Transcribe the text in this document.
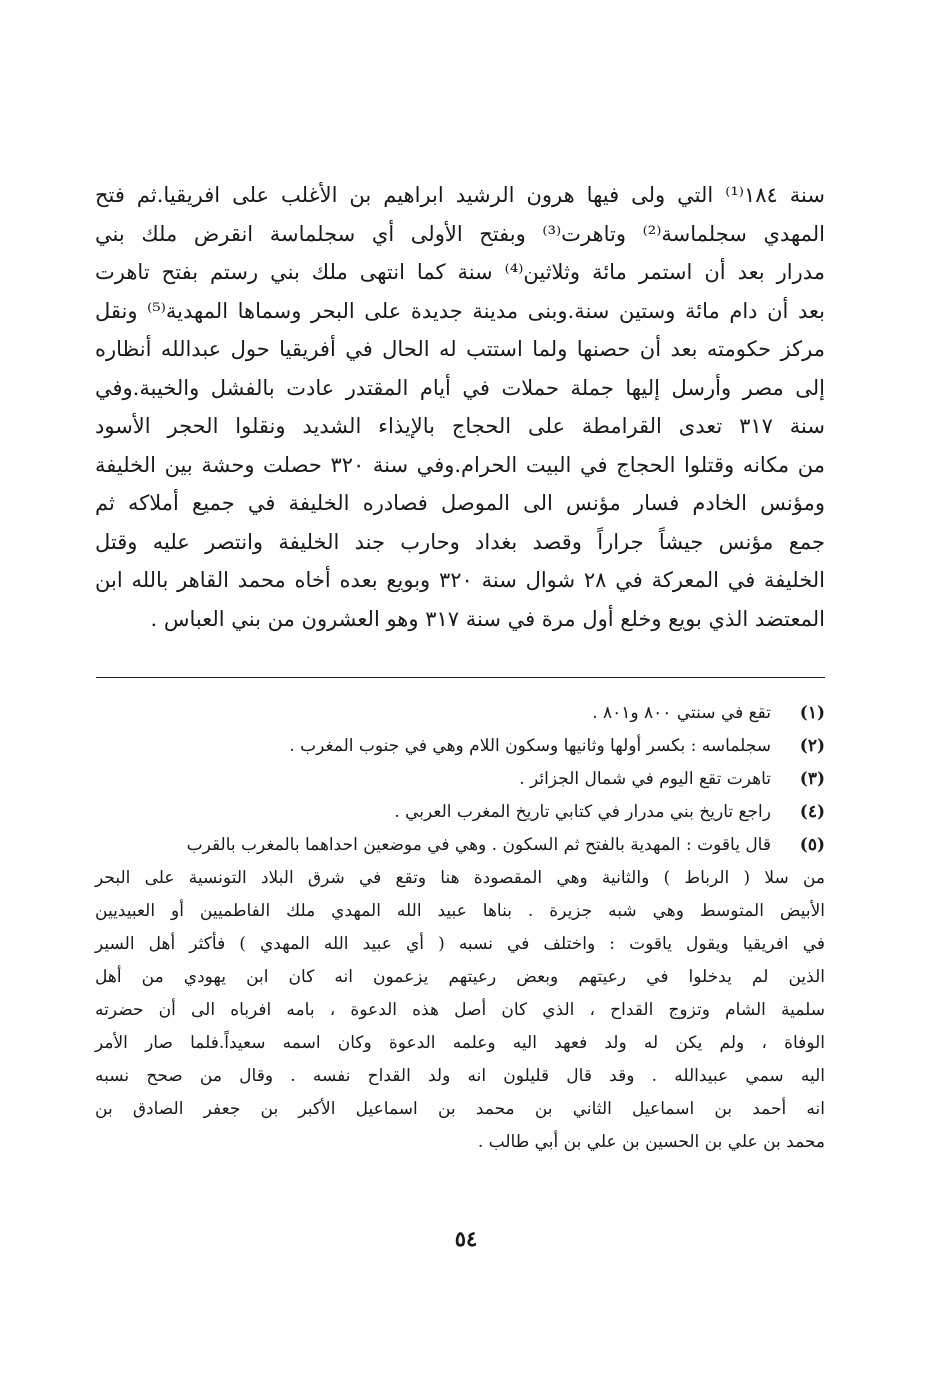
سنة ١٨٤⁽¹⁾ التي ولى فيها هرون الرشيد ابراهيم بن الأغلب على افريقيا.ثم فتح
المهدي سجلماسة⁽²⁾ وتاهرت⁽³⁾ وبفتح الأولى أي سجلماسة انقرض ملك بني
مدرار بعد أن استمر مائة وثلاثين⁽⁴⁾ سنة كما انتهى ملك بني رستم بفتح تاهرت
بعد أن دام مائة وستين سنة.وبنى مدينة جديدة على البحر وسماها المهدية⁽⁵⁾ ونقل
مركز حكومته بعد أن حصنها ولما استتب له الحال في أفريقيا حول عبدالله أنظاره
إلى مصر وأرسل إليها جملة حملات في أيام المقتدر عادت بالفشل والخيبة.وفي
سنة ٣١٧ تعدى القرامطة على الحجاج بالإيذاء الشديد ونقلوا الحجر الأسود
من مكانه وقتلوا الحجاج في البيت الحرام.وفي سنة ٣٢٠ حصلت وحشة بين الخليفة
ومؤنس الخادم فسار مؤنس الى الموصل فصادره الخليفة في جميع أملاكه ثم
جمع مؤنس جيشاً جراراً وقصد بغداد وحارب جند الخليفة وانتصر عليه وقتل
الخليفة في المعركة في ٢٨ شوال سنة ٣٢٠ وبويع بعده أخاه محمد القاهر بالله ابن
المعتضد الذي بويع وخلع أول مرة في سنة ٣١٧ وهو العشرون من بني العباس .
(١)
تقع في سنتي ٨٠٠ و٨٠١ .
(٢)
سجلماسه : بكسر أولها وثانيها وسكون اللام وهي في جنوب المغرب .
(٣)
تاهرت تقع اليوم في شمال الجزائر .
(٤)
راجع تاريخ بني مدرار في كتابي تاريخ المغرب العربي .
(٥)
قال ياقوت : المهدية بالفتح ثم السكون . وهي في موضعين احداهما بالمغرب بالقرب
من سلا ( الرباط ) والثانية وهي المقصودة هنا وتقع في شرق البلاد التونسية على البحر
الأبيض المتوسط وهي شبه جزيرة . بناها عبيد الله المهدي ملك الفاطميين أو العبيديين
في افريقيا ويقول ياقوت : واختلف في نسبه ( أي عبيد الله المهدي ) فأكثر أهل السير
الذين لم يدخلوا في رعيتهم وبعض رعيتهم يزعمون انه كان ابن يهودي من أهل
سلمية الشام وتزوج القداح ، الذي كان أصل هذه الدعوة ، بامه افرباه الى أن حضرته
الوفاة ، ولم يكن له ولد فعهد اليه وعلمه الدعوة وكان اسمه سعيداً.فلما صار الأمر
اليه سمي عبيدالله . وقد قال قليلون انه ولد القداح نفسه . وقال من صحح نسبه
انه أحمد بن اسماعيل الثاني بن محمد بن اسماعيل الأكبر بن جعفر الصادق بن
محمد بن علي بن الحسين بن علي بن أبي طالب .
٥٤
